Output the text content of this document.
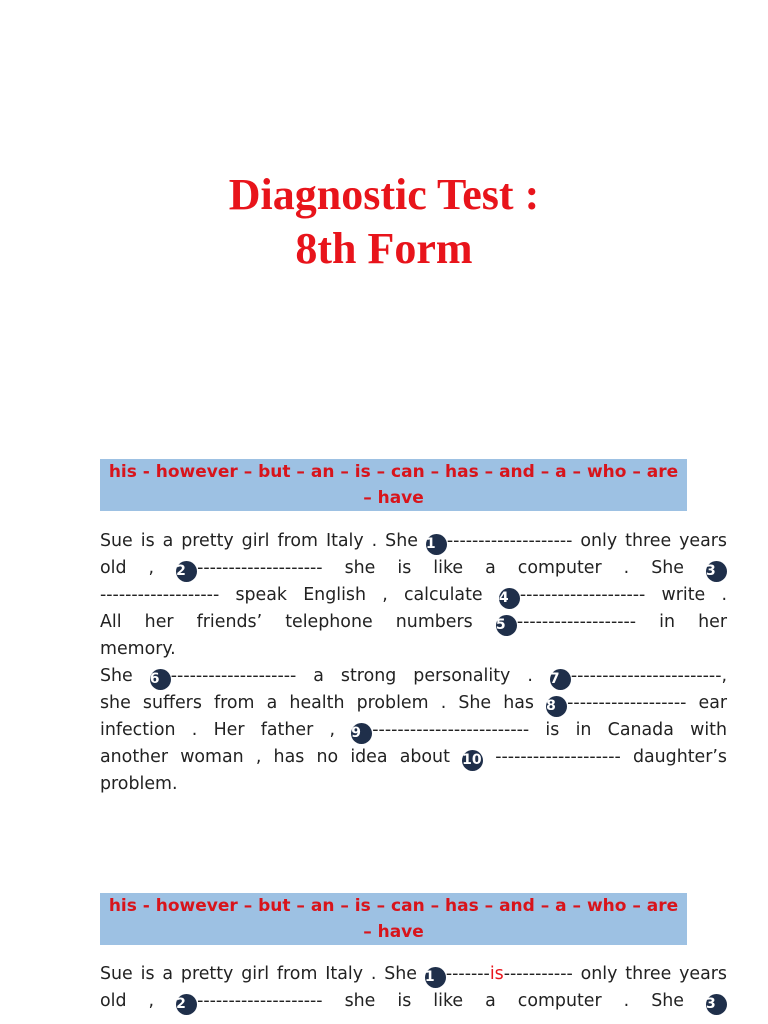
Diagnostic Test :
8th Form
his - however – but – an – is – can – has – and – a – who – are – have
Sue is a pretty girl from Italy . She 1 -------------------- only three years
old , 2 -------------------- she is like a computer . She 3
------------------- speak English , calculate 4 -------------------- write .
All her friends’ telephone numbers 5 ------------------- in her
memory.
She 6 -------------------- a strong personality . 7 ------------------------,
she suffers from a health problem . She has 8 ------------------- ear
infection . Her father , 9 ------------------------- is in Canada with
another woman , has no idea about 10 -------------------- daughter’s
problem.
his - however – but – an – is – can – has – and – a – who – are – have
Sue is a pretty girl from Italy . She 1 -------is----------- only three years
old , 2 -------------------- she is like a computer . She 3
